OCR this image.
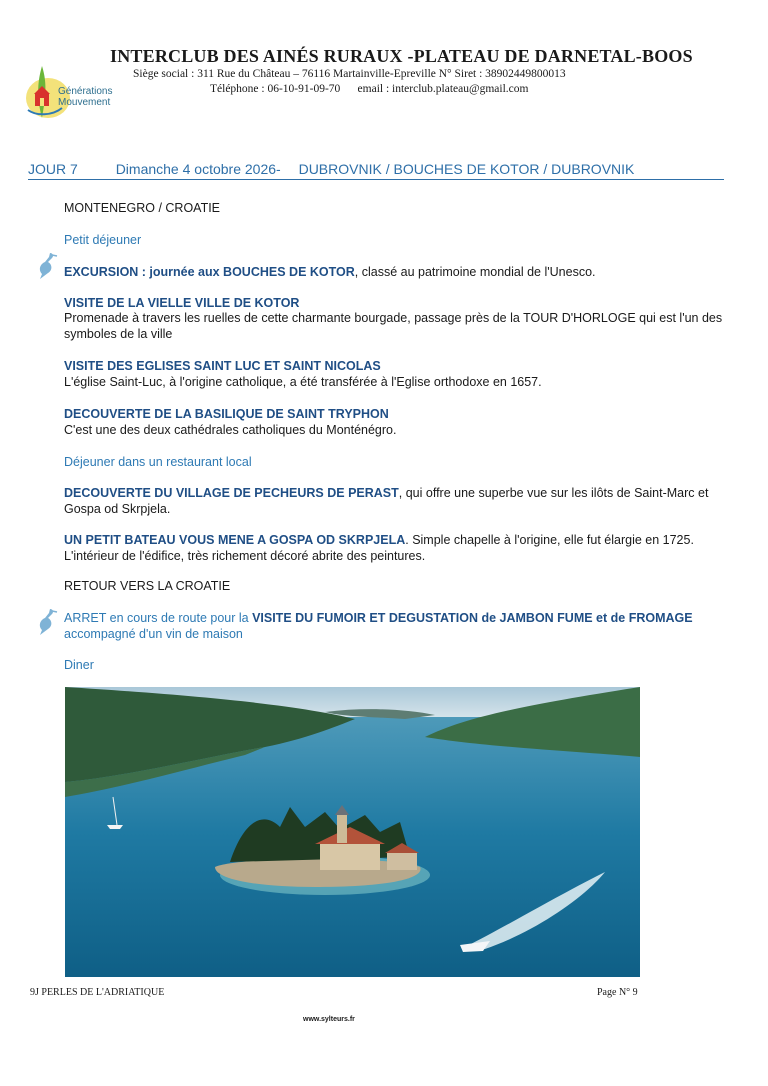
Générations
Mouvement
INTERCLUB DES AINÉS RURAUX -PLATEAU DE DARNETAL-BOOS
Siège social : 311 Rue du Château – 76116 Martainville-Epreville N° Siret : 38902449800013
Téléphone : 06-10-91-09-70      email : interclub.plateau@gmail.com
JOUR 7	Dimanche 4 octobre 2026- DUBROVNIK / BOUCHES DE KOTOR / DUBROVNIK
MONTENEGRO / CROATIE
Petit déjeuner
EXCURSION : journée aux BOUCHES DE KOTOR, classé au patrimoine mondial de l'Unesco.
VISITE DE LA VIELLE VILLE DE KOTOR
Promenade à travers les ruelles de cette charmante bourgade, passage près de la TOUR D'HORLOGE qui est l'un des symboles de la ville
VISITE DES EGLISES SAINT LUC ET SAINT NICOLAS
L'église Saint-Luc, à l'origine catholique, a été transférée à l'Eglise orthodoxe en 1657.
DECOUVERTE DE LA BASILIQUE DE SAINT TRYPHON
C'est une des deux cathédrales catholiques du Monténégro.
Déjeuner dans un restaurant local
DECOUVERTE DU VILLAGE DE PECHEURS DE PERAST, qui offre une superbe vue sur les ilôts de Saint-Marc et Gospa od Skrpjela.
UN PETIT BATEAU VOUS MENE A GOSPA OD SKRPJELA. Simple chapelle à l'origine, elle fut élargie en 1725. L'intérieur de l'édifice, très richement décoré abrite des peintures.
RETOUR VERS LA CROATIE
ARRET en cours de route pour la VISITE DU FUMOIR ET DEGUSTATION de JAMBON FUME et de FROMAGE
accompagné d'un vin de maison
Diner
9J PERLES DE L'ADRIATIQUE	Page N° 9
www.sylteurs.fr
